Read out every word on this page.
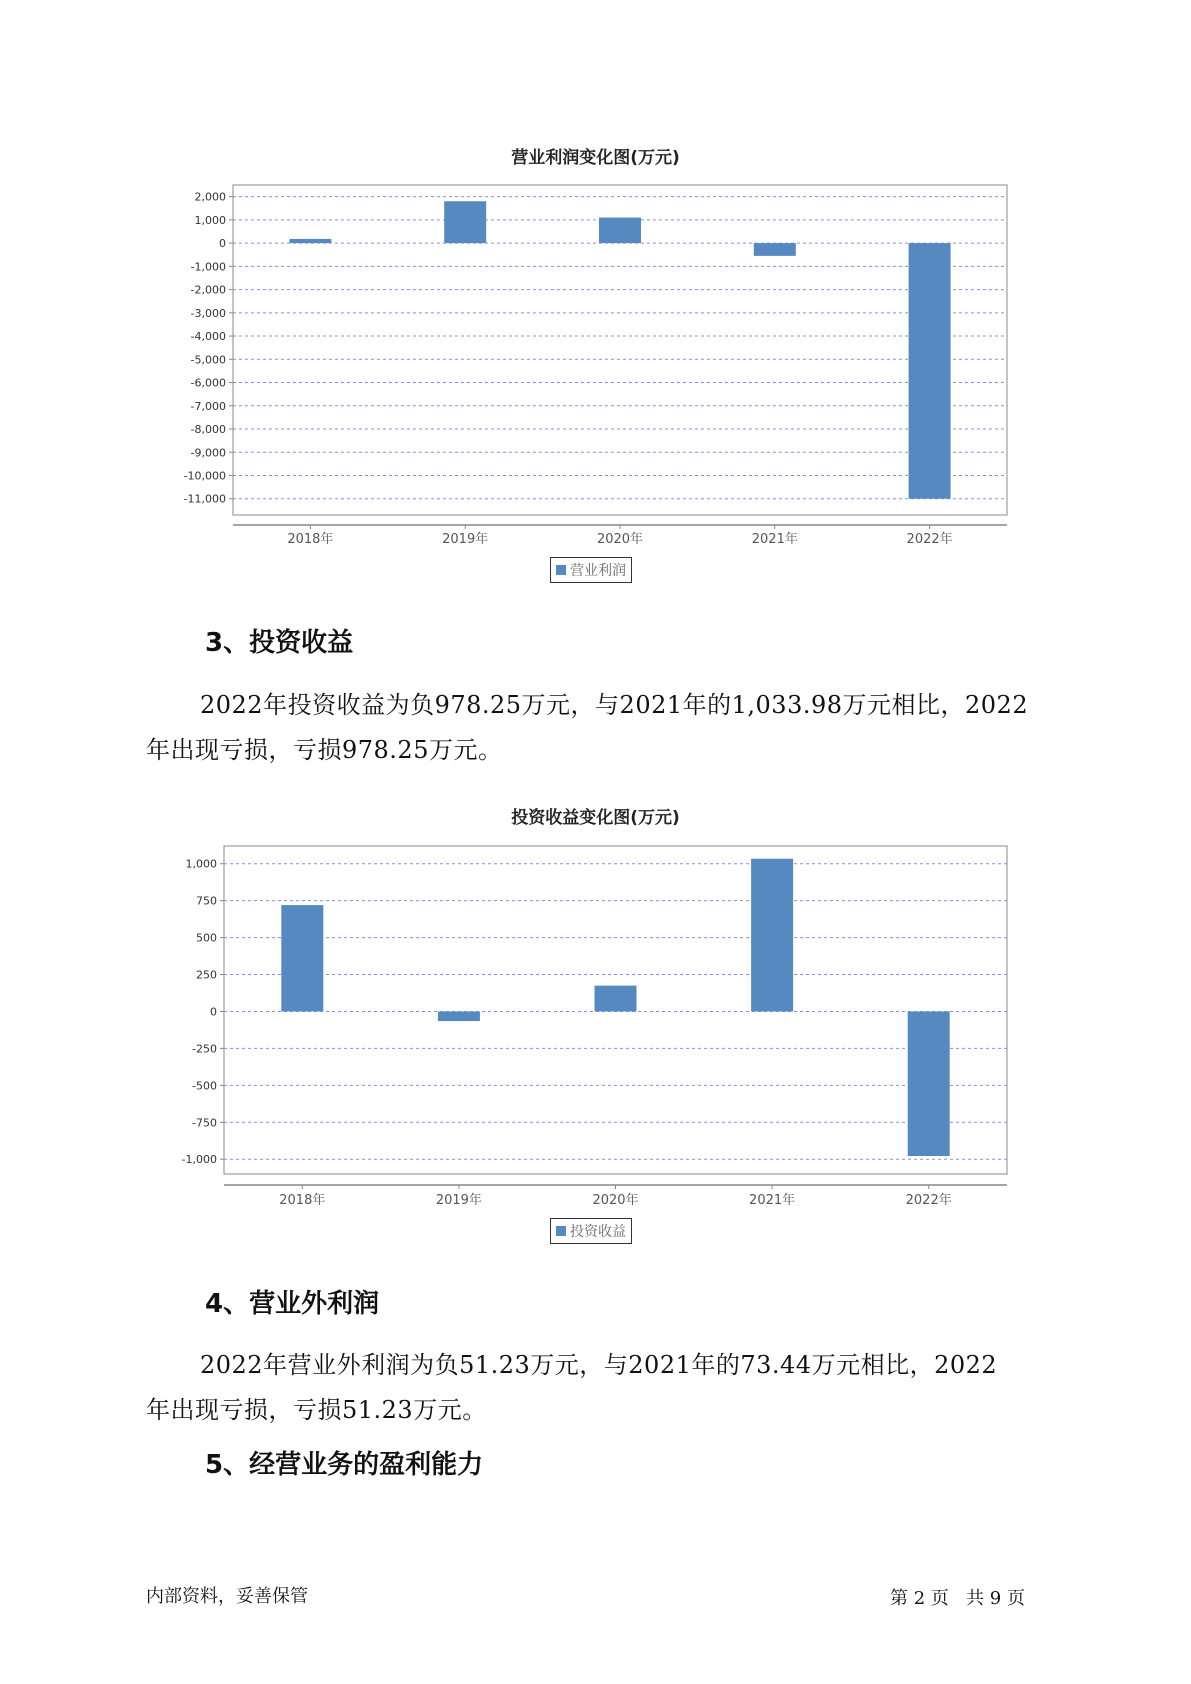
营业利润变化图(万元)
2,000
1,000
0
-1,000
-2,000
-3,000
-4,000
-5,000
-6,000
-7,000
-8,000
-9,000
-10,000
-11,000
2018年	2019年	2020年	2021年	2022年
营业利润
3、投资收益
2022年投资收益为负978.25万元，与2021年的1,033.98万元相比，2022
年出现亏损，亏损978.25万元。
投资收益变化图(万元)
1,000
750
500
250
0
-250
-500
-750
-1,000
2018年	2019年	2020年	2021年	2022年
投资收益
4、营业外利润
2022年营业外利润为负51.23万元，与2021年的73.44万元相比，2022
年出现亏损，亏损51.23万元。
5、经营业务的盈利能力
内部资料，妥善保管	第 2 页   共 9 页
